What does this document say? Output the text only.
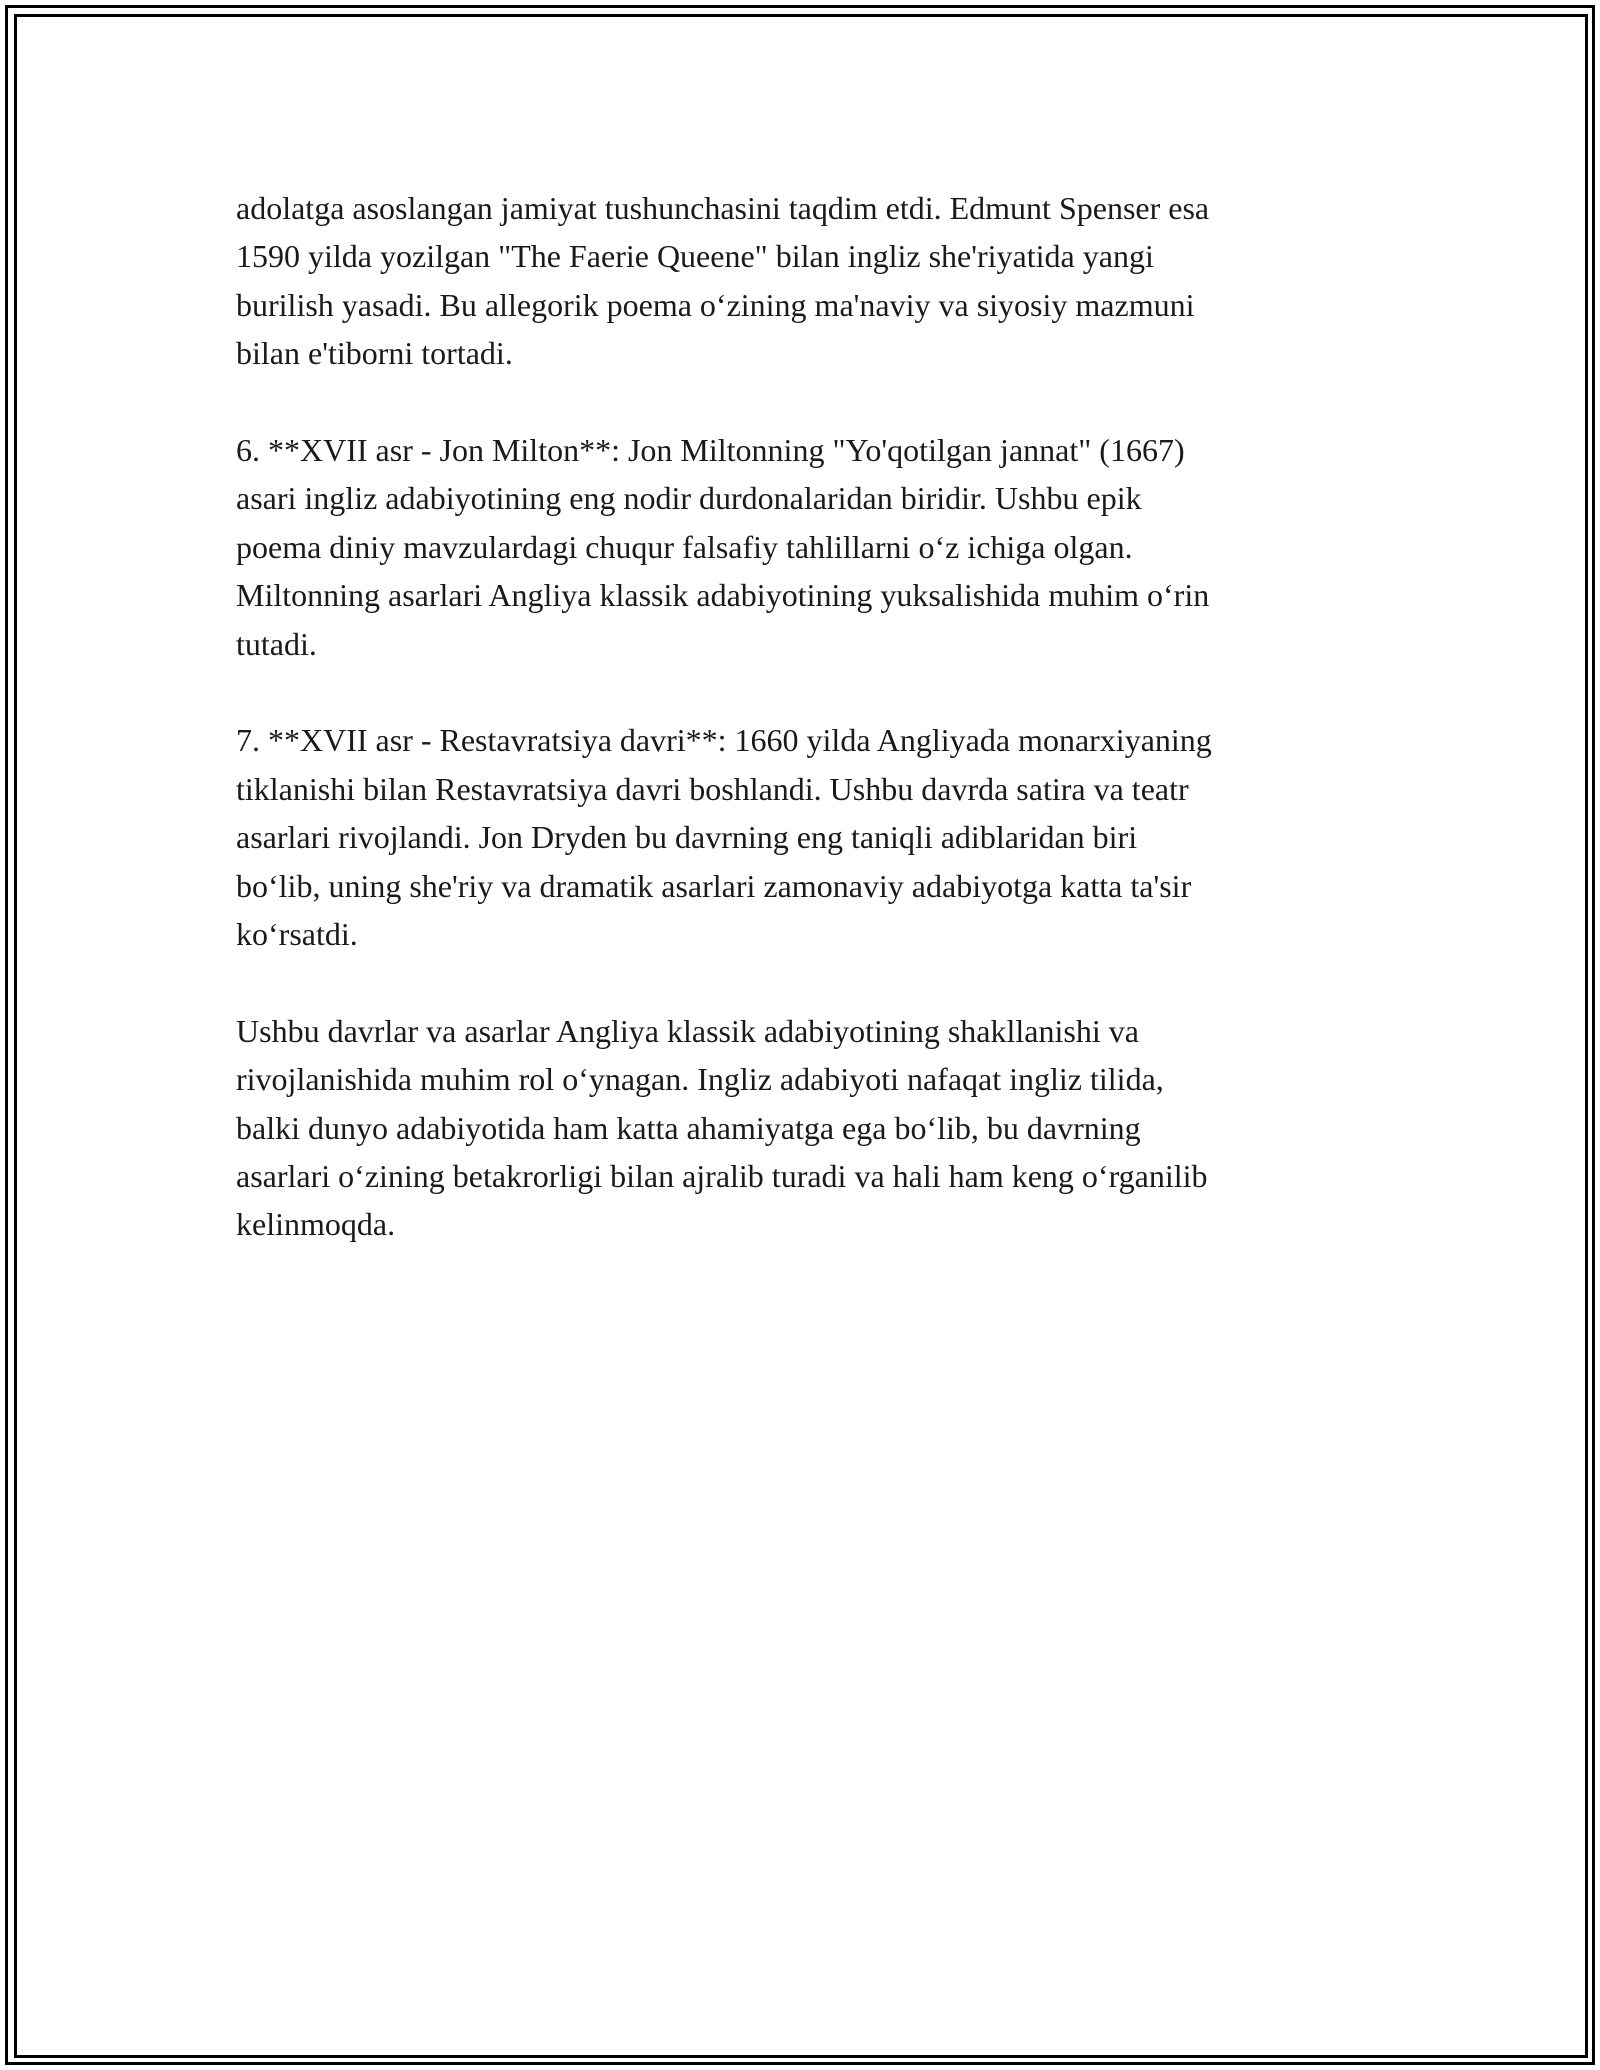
adolatga asoslangan jamiyat tushunchasini taqdim etdi. Edmunt Spenser esa
1590 yilda yozilgan "The Faerie Queene" bilan ingliz she'riyatida yangi
burilish yasadi. Bu allegorik poema o‘zining ma'naviy va siyosiy mazmuni
bilan e'tiborni tortadi.

6. **XVII asr - Jon Milton**: Jon Miltonning "Yo'qotilgan jannat" (1667)
asari ingliz adabiyotining eng nodir durdonalaridan biridir. Ushbu epik
poema diniy mavzulardagi chuqur falsafiy tahlillarni o‘z ichiga olgan.
Miltonning asarlari Angliya klassik adabiyotining yuksalishida muhim o‘rin
tutadi.

7. **XVII asr - Restavratsiya davri**: 1660 yilda Angliyada monarxiyaning
tiklanishi bilan Restavratsiya davri boshlandi. Ushbu davrda satira va teatr
asarlari rivojlandi. Jon Dryden bu davrning eng taniqli adiblaridan biri
bo‘lib, uning she'riy va dramatik asarlari zamonaviy adabiyotga katta ta'sir
ko‘rsatdi.

Ushbu davrlar va asarlar Angliya klassik adabiyotining shakllanishi va
rivojlanishida muhim rol o‘ynagan. Ingliz adabiyoti nafaqat ingliz tilida,
balki dunyo adabiyotida ham katta ahamiyatga ega bo‘lib, bu davrning
asarlari o‘zining betakrorligi bilan ajralib turadi va hali ham keng o‘rganilib
kelinmoqda.
